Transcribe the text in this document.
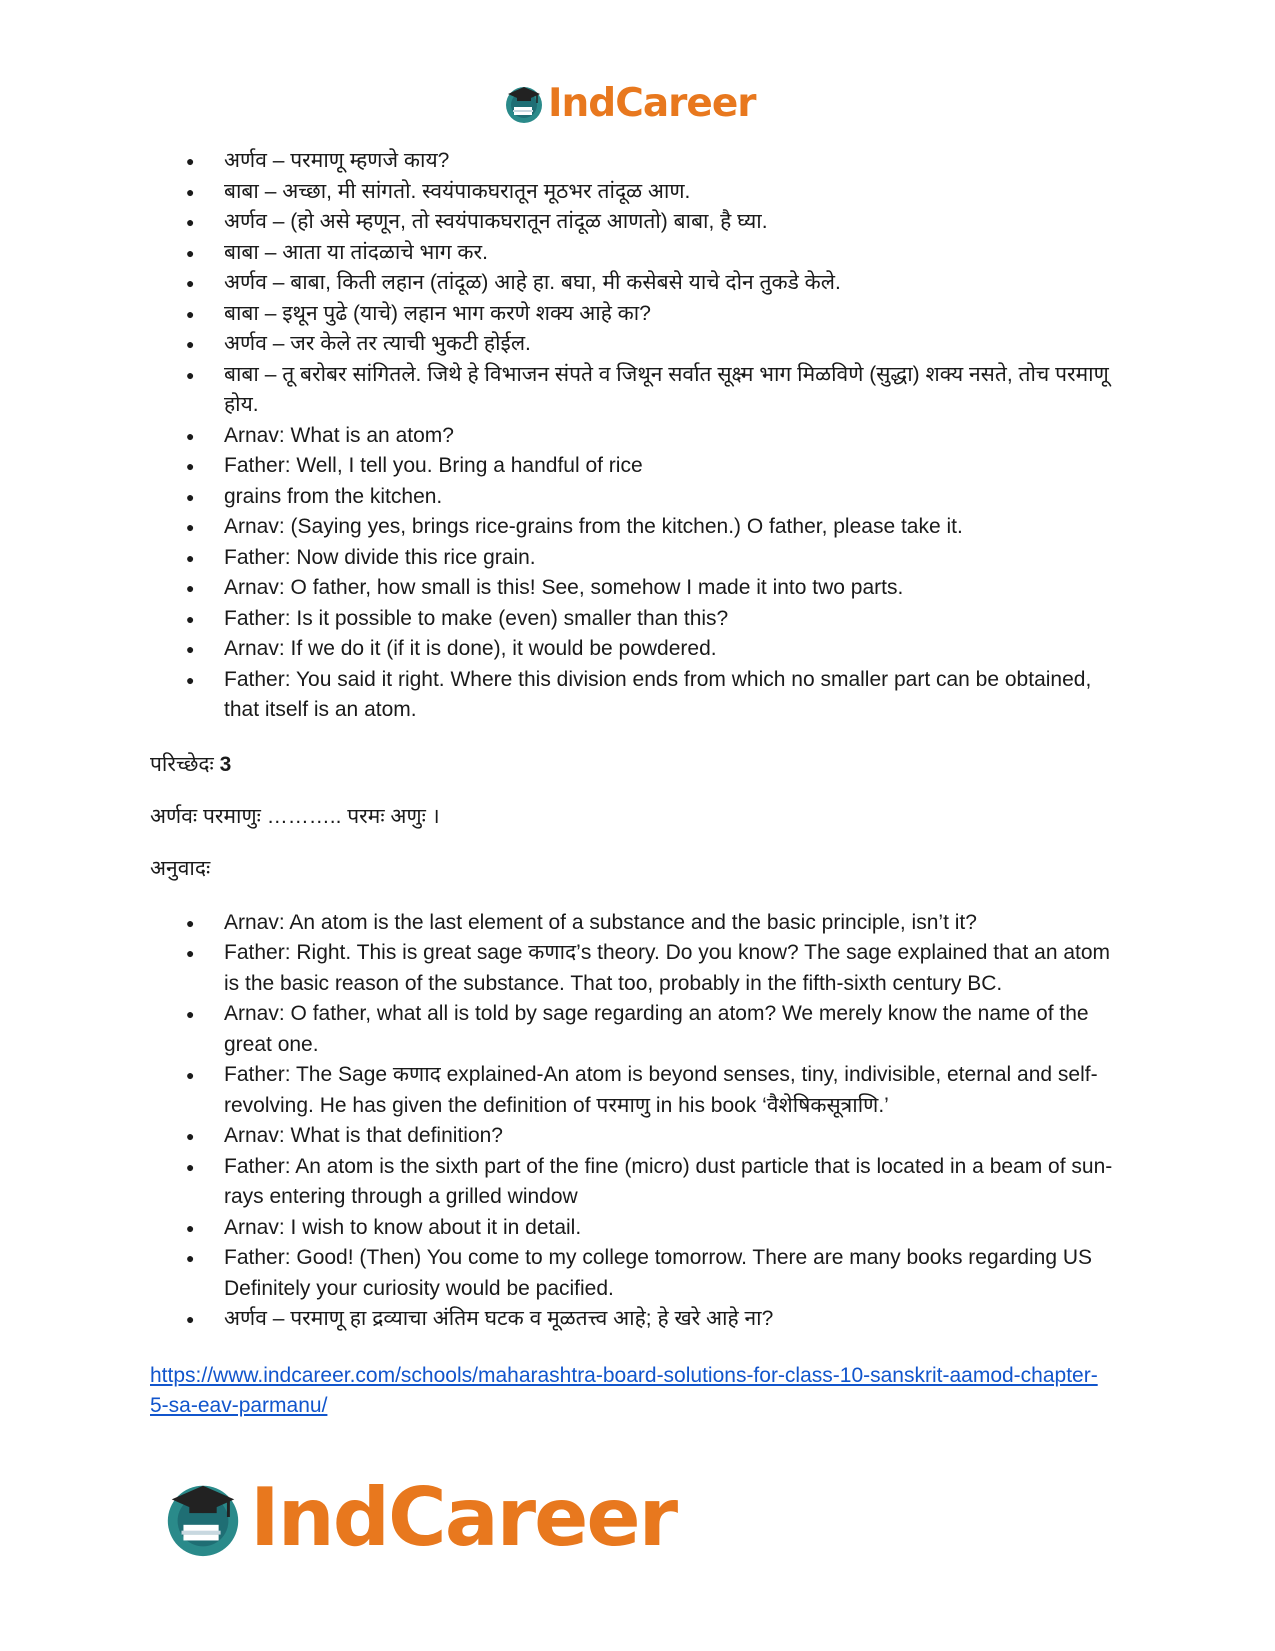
IndCareer
● अर्णव – परमाणू म्हणजे काय?
● बाबा – अच्छा, मी सांगतो. स्वयंपाकघरातून मूठभर तांदूळ आण.
● अर्णव – (हो असे म्हणून, तो स्वयंपाकघरातून तांदूळ आणतो) बाबा, है घ्या.
● बाबा – आता या तांदळाचे भाग कर.
● अर्णव – बाबा, किती लहान (तांदूळ) आहे हा. बघा, मी कसेबसे याचे दोन तुकडे केले.
● बाबा – इथून पुढे (याचे) लहान भाग करणे शक्य आहे का?
● अर्णव – जर केले तर त्याची भुकटी होईल.
● बाबा – तू बरोबर सांगितले. जिथे हे विभाजन संपते व जिथून सर्वात सूक्ष्म भाग मिळविणे (सुद्धा) शक्य नसते, तोच परमाणू होय.
● Arnav: What is an atom?
● Father: Well, I tell you. Bring a handful of rice
● grains from the kitchen.
● Arnav: (Saying yes, brings rice-grains from the kitchen.) O father, please take it.
● Father: Now divide this rice grain.
● Arnav: O father, how small is this! See, somehow I made it into two parts.
● Father: Is it possible to make (even) smaller than this?
● Arnav: If we do it (if it is done), it would be powdered.
● Father: You said it right. Where this division ends from which no smaller part can be obtained, that itself is an atom.

परिच्छेदः 3

अर्णवः परमाणुः ……….. परमः अणुः ।

अनुवादः

● Arnav: An atom is the last element of a substance and the basic principle, isn’t it?
● Father: Right. This is great sage कणाद’s theory. Do you know? The sage explained that an atom is the basic reason of the substance. That too, probably in the fifth-sixth century BC.
● Arnav: O father, what all is told by sage regarding an atom? We merely know the name of the great one.
● Father: The Sage कणाद explained-An atom is beyond senses, tiny, indivisible, eternal and self-revolving. He has given the definition of परमाणु in his book ‘वैशेषिकसूत्राणि.’
● Arnav: What is that definition?
● Father: An atom is the sixth part of the fine (micro) dust particle that is located in a beam of sun-rays entering through a grilled window
● Arnav: I wish to know about it in detail.
● Father: Good! (Then) You come to my college tomorrow. There are many books regarding US Definitely your curiosity would be pacified.
● अर्णव – परमाणू हा द्रव्याचा अंतिम घटक व मूळतत्त्व आहे; हे खरे आहे ना?
https://www.indcareer.com/schools/maharashtra-board-solutions-for-class-10-sanskrit-aamod-chapter-5-sa-eav-parmanu/
IndCareer
